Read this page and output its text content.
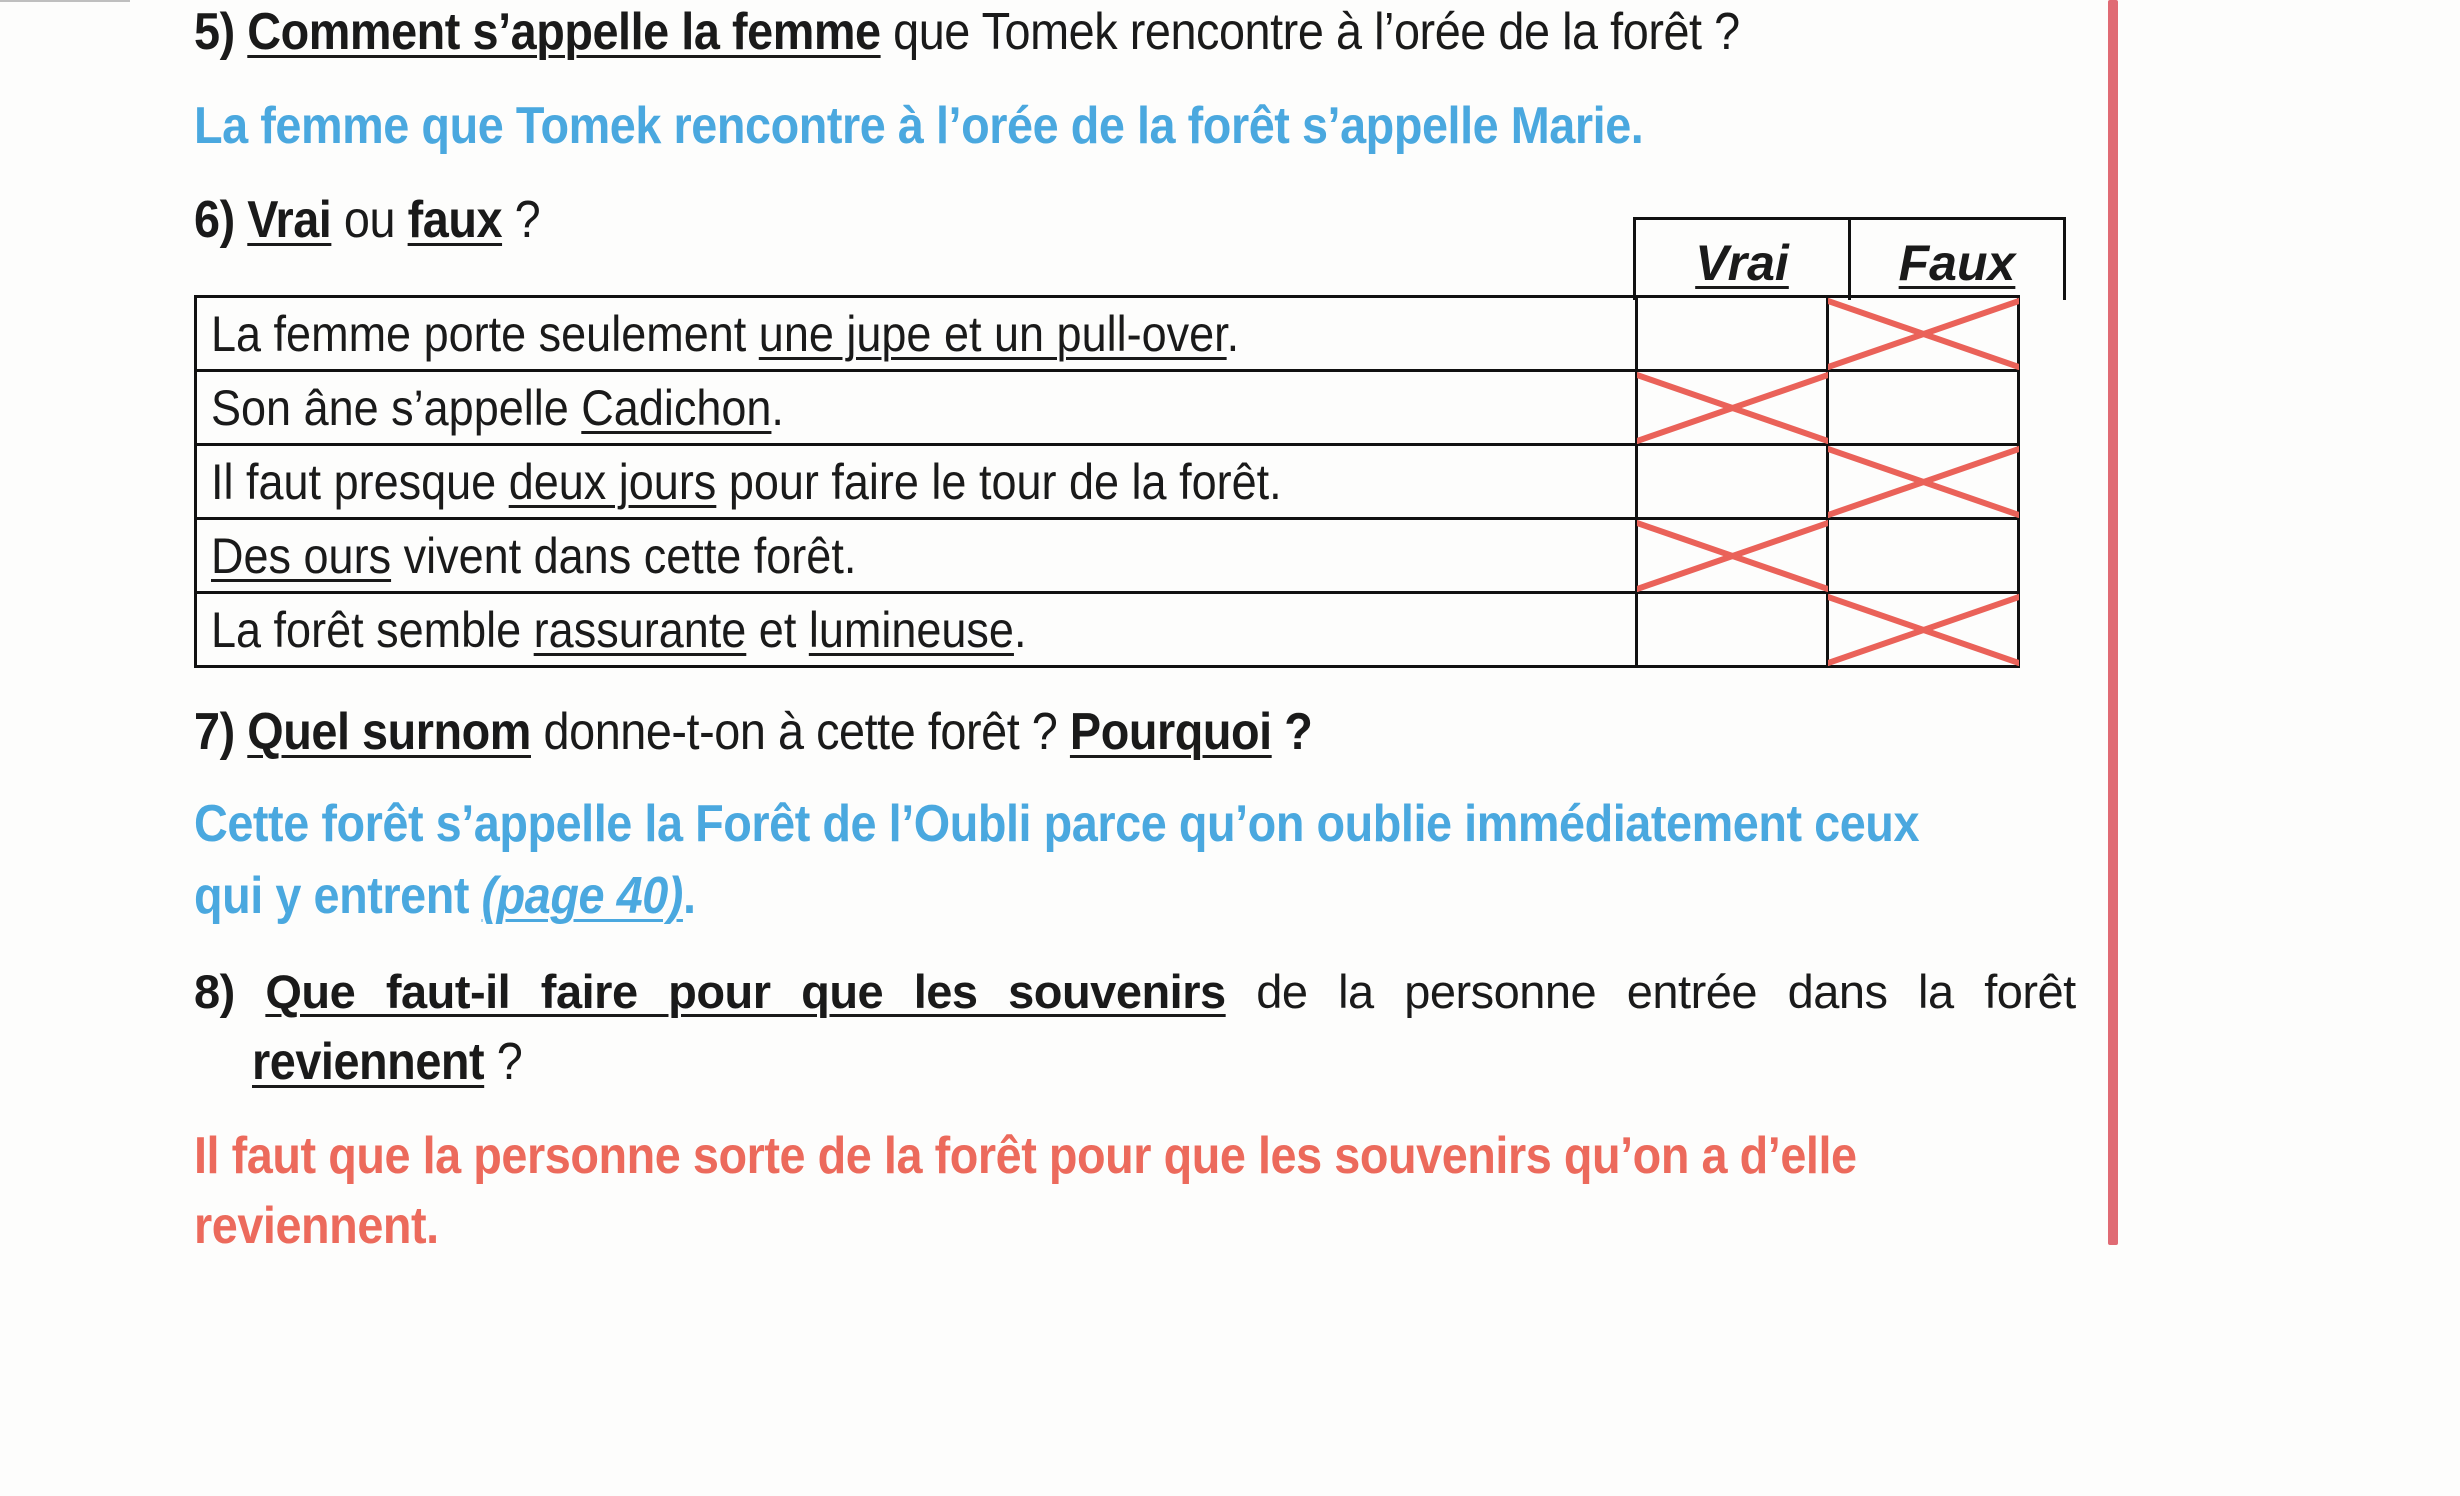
5) Comment s’appelle la femme que Tomek rencontre à l’orée de la forêt ?
La femme que Tomek rencontre à l’orée de la forêt s’appelle Marie.
6) Vrai ou faux ?
Vrai	Faux
La femme porte seulement une jupe et un pull-over.		
Son âne s’appelle Cadichon.		
Il faut presque deux jours pour faire le tour de la forêt.		
Des ours vivent dans cette forêt.		
La forêt semble rassurante et lumineuse.		
7) Quel surnom donne-t-on à cette forêt ? Pourquoi ?
Cette forêt s’appelle la Forêt de l’Oubli parce qu’on oublie immédiatement ceux
qui y entrent (page 40).
8) Que faut-il faire pour que les souvenirs de la personne entrée dans la forêt
reviennent ?
Il faut que la personne sorte de la forêt pour que les souvenirs qu’on a d’elle
reviennent.
